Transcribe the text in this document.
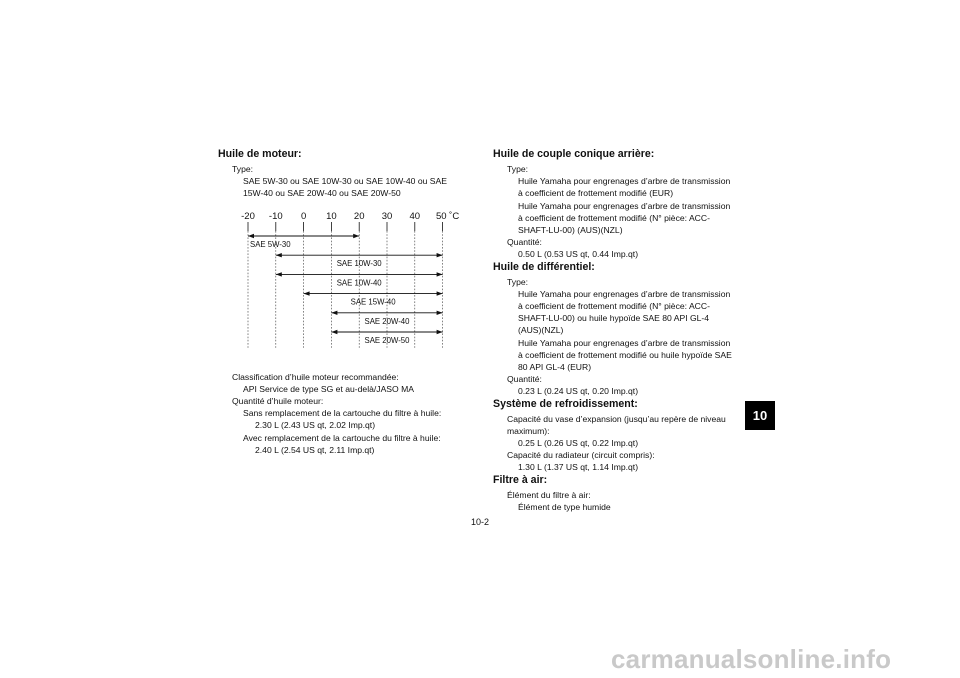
Huile de moteur:
Type:
SAE 5W-30 ou SAE 10W-30 ou SAE 10W-40 ou SAE
15W-40 ou SAE 20W-40 ou SAE 20W-50
Classification d’huile moteur recommandée:
API Service de type SG et au-delà/JASO MA
Quantité d’huile moteur:
Sans remplacement de la cartouche du filtre à huile:
2.30 L (2.43 US qt, 2.02 Imp.qt)
Avec remplacement de la cartouche du filtre à huile:
2.40 L (2.54 US qt, 2.11 Imp.qt)
-20 -10 0 10 20 30 40 50 ˚C
SAE 5W-30
SAE 10W-30
SAE 10W-40
SAE 15W-40
SAE 20W-40
SAE 20W-50
Huile de couple conique arrière:
Type:
Huile Yamaha pour engrenages d’arbre de transmission
à coefficient de frottement modifié (EUR)
Huile Yamaha pour engrenages d’arbre de transmission
à coefficient de frottement modifié (N° pièce: ACC-
SHAFT-LU-00) (AUS)(NZL)
Quantité:
0.50 L (0.53 US qt, 0.44 Imp.qt)
Huile de différentiel:
Type:
Huile Yamaha pour engrenages d’arbre de transmission
à coefficient de frottement modifié (N° pièce: ACC-
SHAFT-LU-00) ou huile hypoïde SAE 80 API GL-4
(AUS)(NZL)
Huile Yamaha pour engrenages d’arbre de transmission
à coefficient de frottement modifié ou huile hypoïde SAE
80 API GL-4 (EUR)
Quantité:
0.23 L (0.24 US qt, 0.20 Imp.qt)
Système de refroidissement:
Capacité du vase d’expansion (jusqu’au repère de niveau
maximum):
0.25 L (0.26 US qt, 0.22 Imp.qt)
Capacité du radiateur (circuit compris):
1.30 L (1.37 US qt, 1.14 Imp.qt)
Filtre à air:
Élément du filtre à air:
Élément de type humide
10
10-2
carmanualsonline.info
